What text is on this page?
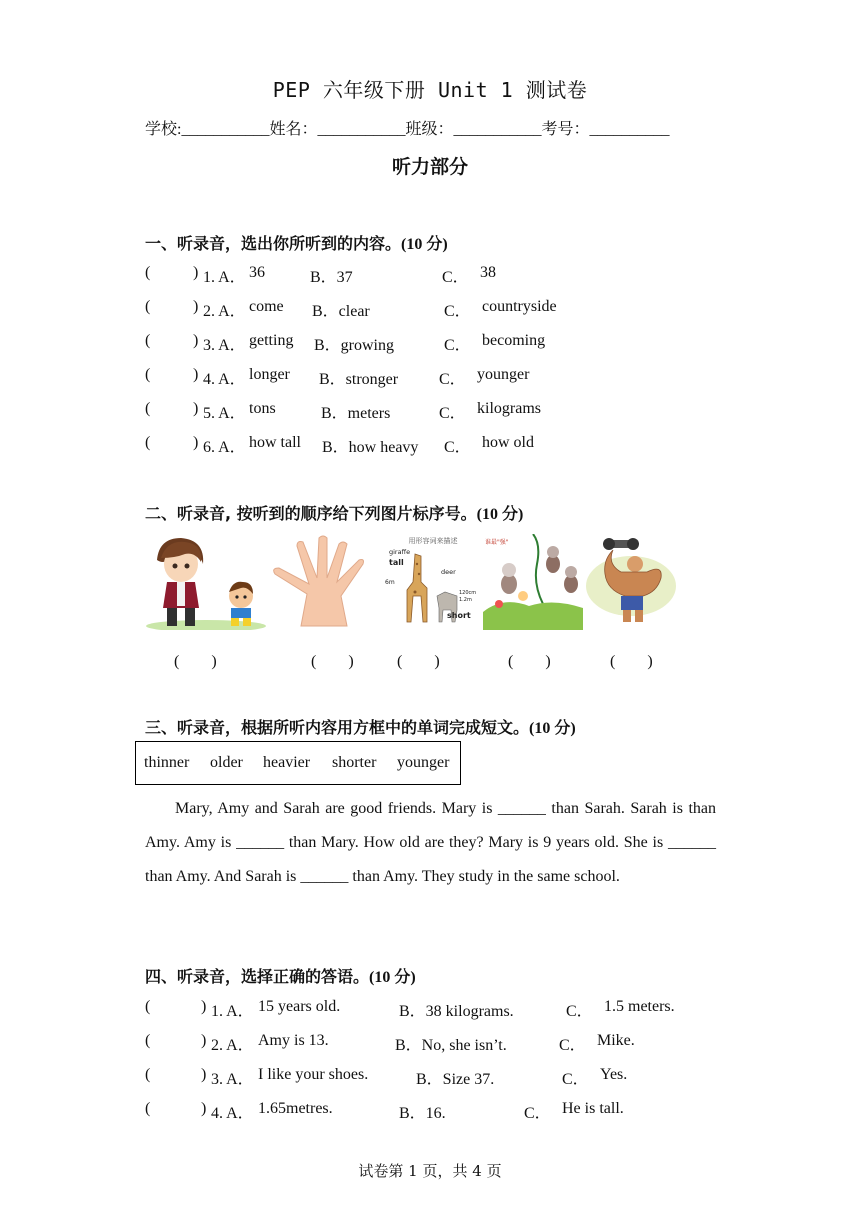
PEP 六年级下册 Unit 1 测试卷
学校:___________姓名：___________班级：___________考号：__________
听力部分
一、听录音，选出你所听到的内容。(10 分)
(	) 1. A． 36	B．37	C． 38
(	) 2. A． come B．clear	C． countryside
(	) 3. A． getting B．growing	C． becoming
(	) 4. A． longer B．stronger	C． younger
(	) 5. A． tons	B．meters	C． kilograms
(	) 6. A． how tall B．how heavy C． how old
二、听录音, 按听到的顺序给下列图片标序号。(10 分)
用形容词来描述
giraffe
tall
6m
deer
120cm
1.2m
short
谁最"强"
(　　)	(　　)	(　　)	(　　)	(　　)
三、听录音，根据所听内容用方框中的单词完成短文。(10 分)
thinner older heavier shorter younger
Mary, Amy and Sarah are good friends. Mary is ______ than Sarah. Sarah is than Amy. Amy is ______ than Mary. How old are they? Mary is 9 years old. She is ______ than Amy. And Sarah is ______ than Amy. They study in the same school.
四、听录音，选择正确的答语。(10 分)
(	) 1. A． 15 years old.	B．38 kilograms.	C． 1.5 meters.
(	) 2. A． Amy is 13.	B．No, she isn’t.	C． Mike.
(	) 3. A． I like your shoes.	B．Size 37.	C． Yes.
(	) 4. A． 1.65metres.	B．16.	C． He is tall.
试卷第 1 页，共 4 页
